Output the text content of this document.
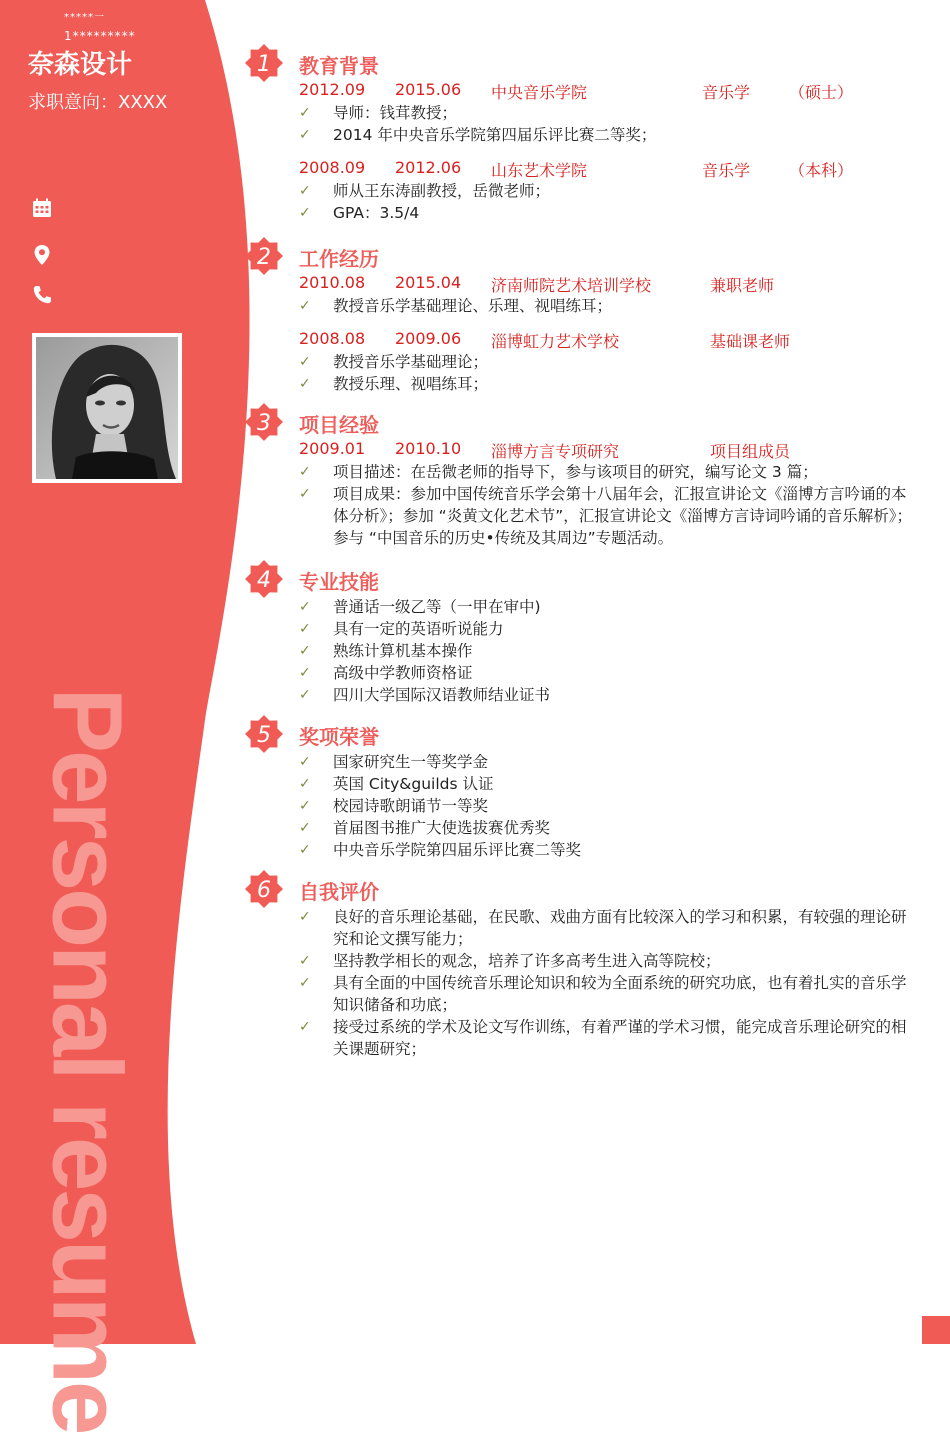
*****一
1*********
奈森设计
求职意向：XXXX
Personal resume
1 教育背景
2012.09 2015.06 中央音乐学院	音乐学 （硕士）
✓ 导师：钱茸教授；
✓ 2014 年中央音乐学院第四届乐评比赛二等奖；
2008.09 2012.06 山东艺术学院	音乐学 （本科）
✓ 师从王东涛副教授，岳微老师；
✓ GPA：3.5/4
2 工作经历
2010.08 2015.04 济南师院艺术培训学校	兼职老师
✓ 教授音乐学基础理论、乐理、视唱练耳；
2008.08 2009.06 淄博虹力艺术学校	基础课老师
✓ 教授音乐学基础理论；
✓ 教授乐理、视唱练耳；
3 项目经验
2009.01 2010.10 淄博方言专项研究	项目组成员
✓ 项目描述：在岳微老师的指导下，参与该项目的研究，编写论文 3 篇；
✓ 项目成果：参加中国传统音乐学会第十八届年会，汇报宣讲论文《淄博方言吟诵的本体分析》；参加 “炎黄文化艺术节”，汇报宣讲论文《淄博方言诗词吟诵的音乐解析》；参与 “中国音乐的历史•传统及其周边”专题活动。
4 专业技能
✓ 普通话一级乙等（一甲在审中)
✓ 具有一定的英语听说能力
✓ 熟练计算机基本操作
✓ 高级中学教师资格证
✓ 四川大学国际汉语教师结业证书
5 奖项荣誉
✓ 国家研究生一等奖学金
✓ 英国 City&guilds 认证
✓ 校园诗歌朗诵节一等奖
✓ 首届图书推广大使选拔赛优秀奖
✓ 中央音乐学院第四届乐评比赛二等奖
6 自我评价
✓ 良好的音乐理论基础，在民歌、戏曲方面有比较深入的学习和积累，有较强的理论研究和论文撰写能力；
✓ 坚持教学相长的观念，培养了许多高考生进入高等院校；
✓ 具有全面的中国传统音乐理论知识和较为全面系统的研究功底，也有着扎实的音乐学知识储备和功底；
✓ 接受过系统的学术及论文写作训练，有着严谨的学术习惯，能完成音乐理论研究的相关课题研究；
